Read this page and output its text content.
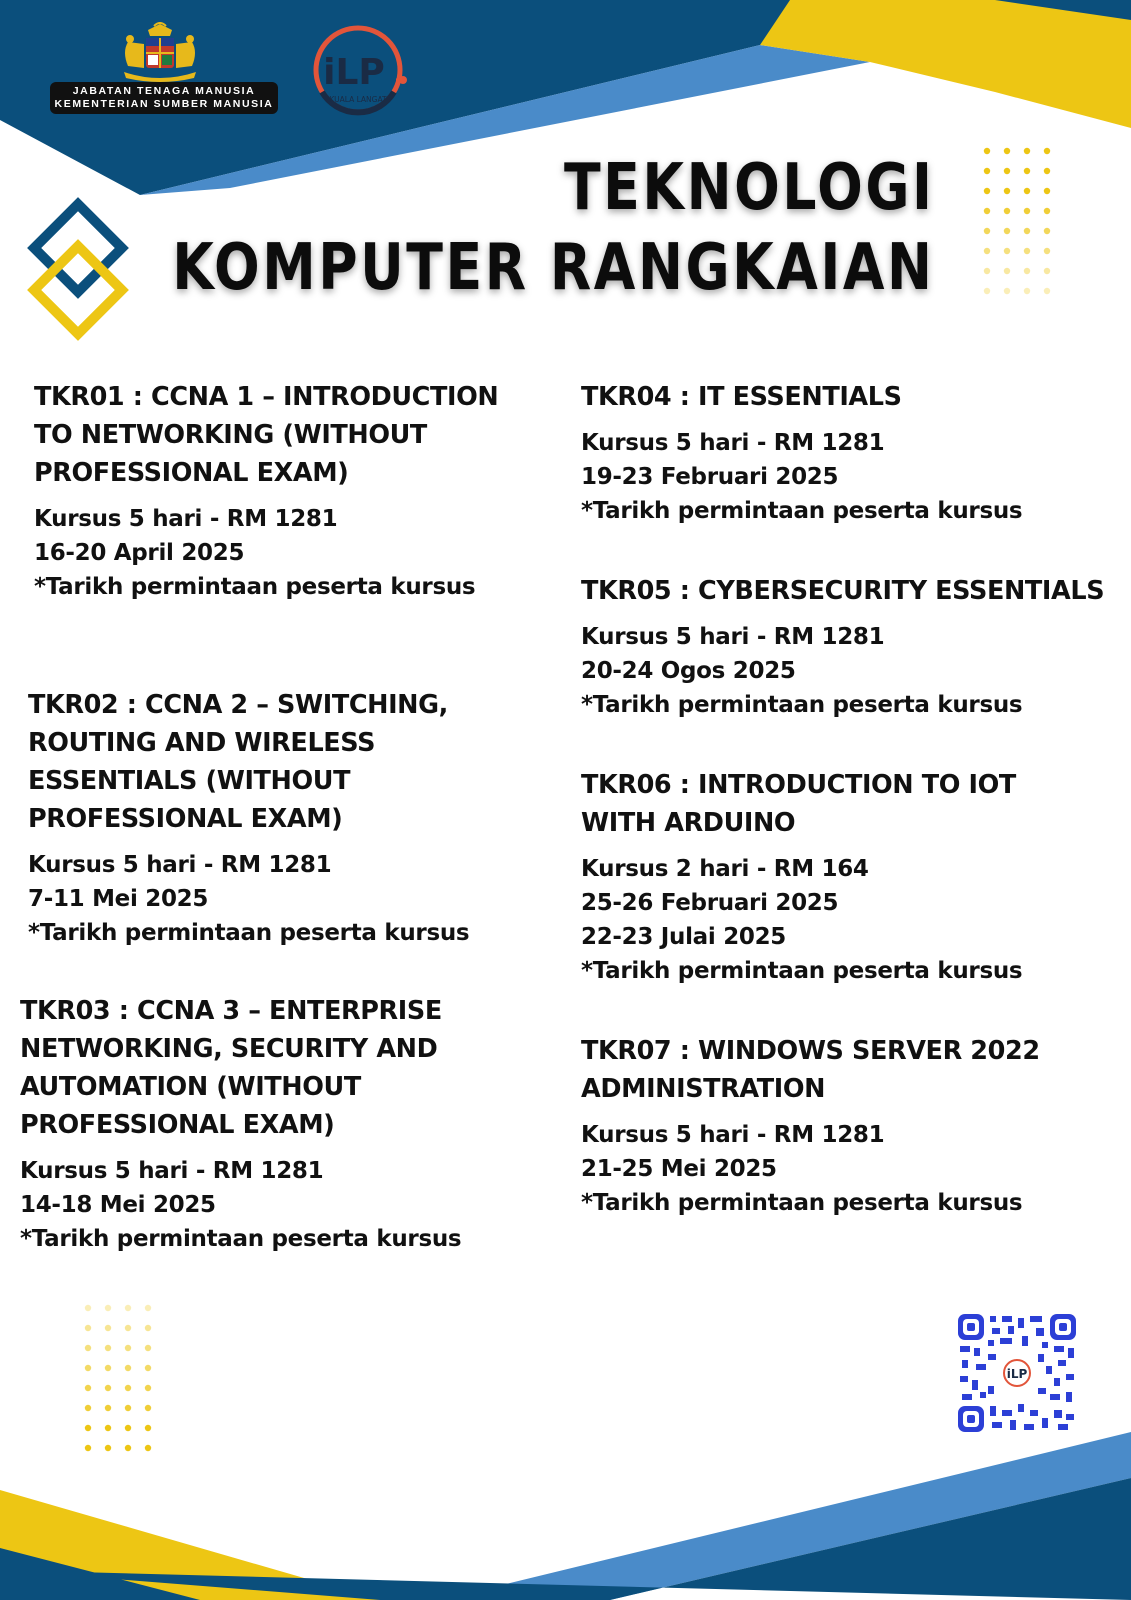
JABATAN TENAGA MANUSIA
KEMENTERIAN SUMBER MANUSIA
iLP
KUALA LANGAT
TEKNOLOGI
KOMPUTER RANGKAIAN
TKR01 : CCNA 1 – INTRODUCTION TO NETWORKING (WITHOUT PROFESSIONAL EXAM)

Kursus 5 hari - RM 1281

16-20 April 2025

*Tarikh permintaan peserta kursus

TKR02 : CCNA 2 – SWITCHING, ROUTING AND WIRELESS ESSENTIALS (WITHOUT PROFESSIONAL EXAM)

Kursus 5 hari - RM 1281

7-11 Mei 2025

*Tarikh permintaan peserta kursus

TKR03 : CCNA 3 – ENTERPRISE NETWORKING, SECURITY AND AUTOMATION (WITHOUT PROFESSIONAL EXAM)

Kursus 5 hari - RM 1281

14-18 Mei 2025

*Tarikh permintaan peserta kursus

TKR04 : IT ESSENTIALS

Kursus 5 hari - RM 1281

19-23 Februari 2025

*Tarikh permintaan peserta kursus

TKR05 : CYBERSECURITY ESSENTIALS

Kursus 5 hari - RM 1281

20-24 Ogos 2025

*Tarikh permintaan peserta kursus

TKR06 : INTRODUCTION TO IOT WITH ARDUINO

Kursus 2 hari - RM 164

25-26 Februari 2025

22-23 Julai 2025

*Tarikh permintaan peserta kursus

TKR07 : WINDOWS SERVER 2022 ADMINISTRATION

Kursus 5 hari - RM 1281

21-25 Mei 2025

*Tarikh permintaan peserta kursus

iLP
